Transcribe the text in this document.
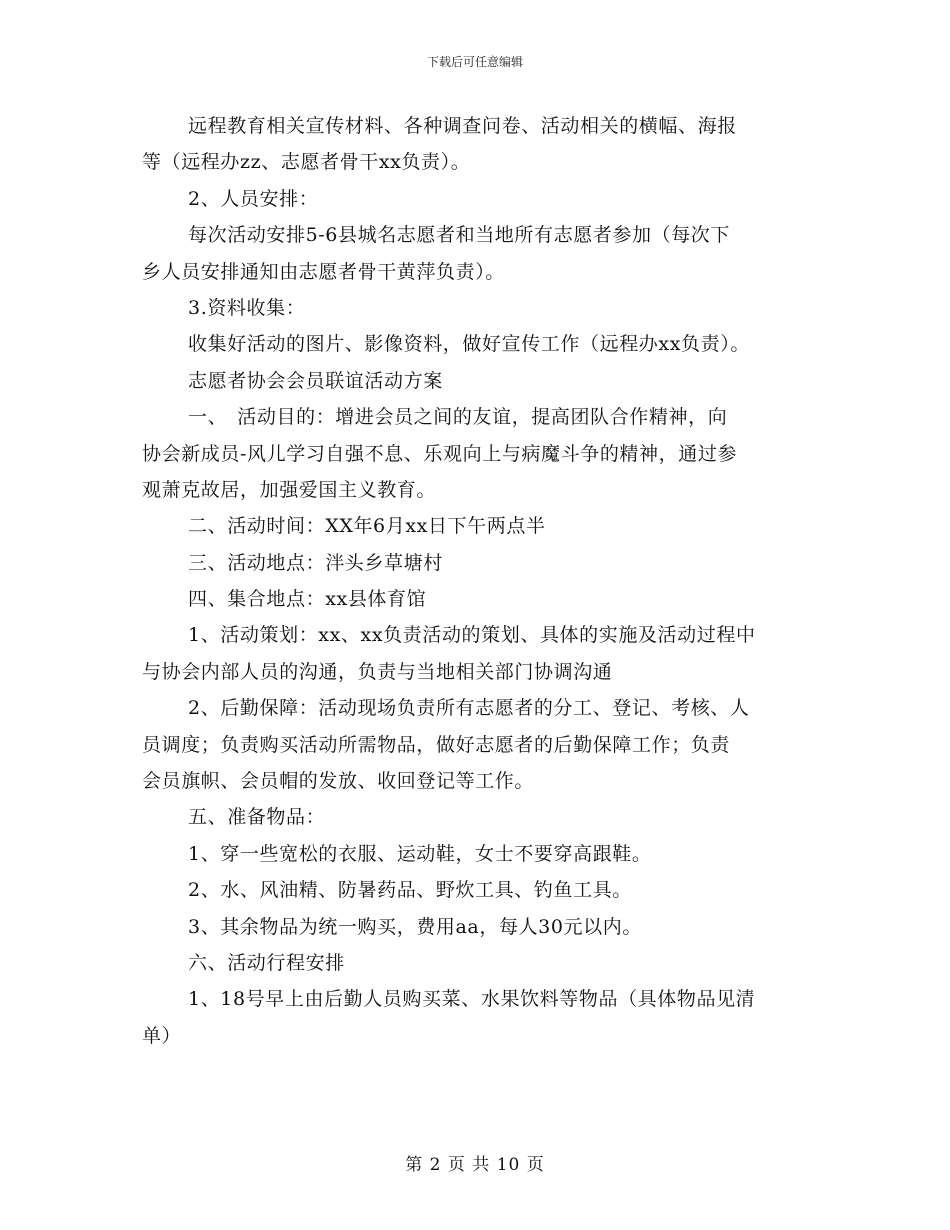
下载后可任意编辑
远程教育相关宣传材料、各种调查问卷、活动相关的横幅、海报
等（远程办zz、志愿者骨干xx负责）。
2、人员安排：
每次活动安排5-6县城名志愿者和当地所有志愿者参加（每次下
乡人员安排通知由志愿者骨干黄萍负责）。
3.资料收集：
收集好活动的图片、影像资料，做好宣传工作（远程办xx负责）。
志愿者协会会员联谊活动方案
一、　活动目的：增进会员之间的友谊，提高团队合作精神，向
协会新成员-风儿学习自强不息、乐观向上与病魔斗争的精神，通过参
观萧克故居，加强爱国主义教育。
二、活动时间：XX年6月xx日下午两点半
三、活动地点：泮头乡草塘村
四、集合地点：xx县体育馆
1、活动策划：xx、xx负责活动的策划、具体的实施及活动过程中
与协会内部人员的沟通，负责与当地相关部门协调沟通
2、后勤保障：活动现场负责所有志愿者的分工、登记、考核、人
员调度；负责购买活动所需物品，做好志愿者的后勤保障工作；负责
会员旗帜、会员帽的发放、收回登记等工作。
五、准备物品：
1、穿一些宽松的衣服、运动鞋，女士不要穿高跟鞋。
2、水、风油精、防暑药品、野炊工具、钓鱼工具。
3、其余物品为统一购买，费用aa，每人30元以内。
六、活动行程安排
1、18号早上由后勤人员购买菜、水果饮料等物品（具体物品见清
单）
第 2 页 共 10 页
